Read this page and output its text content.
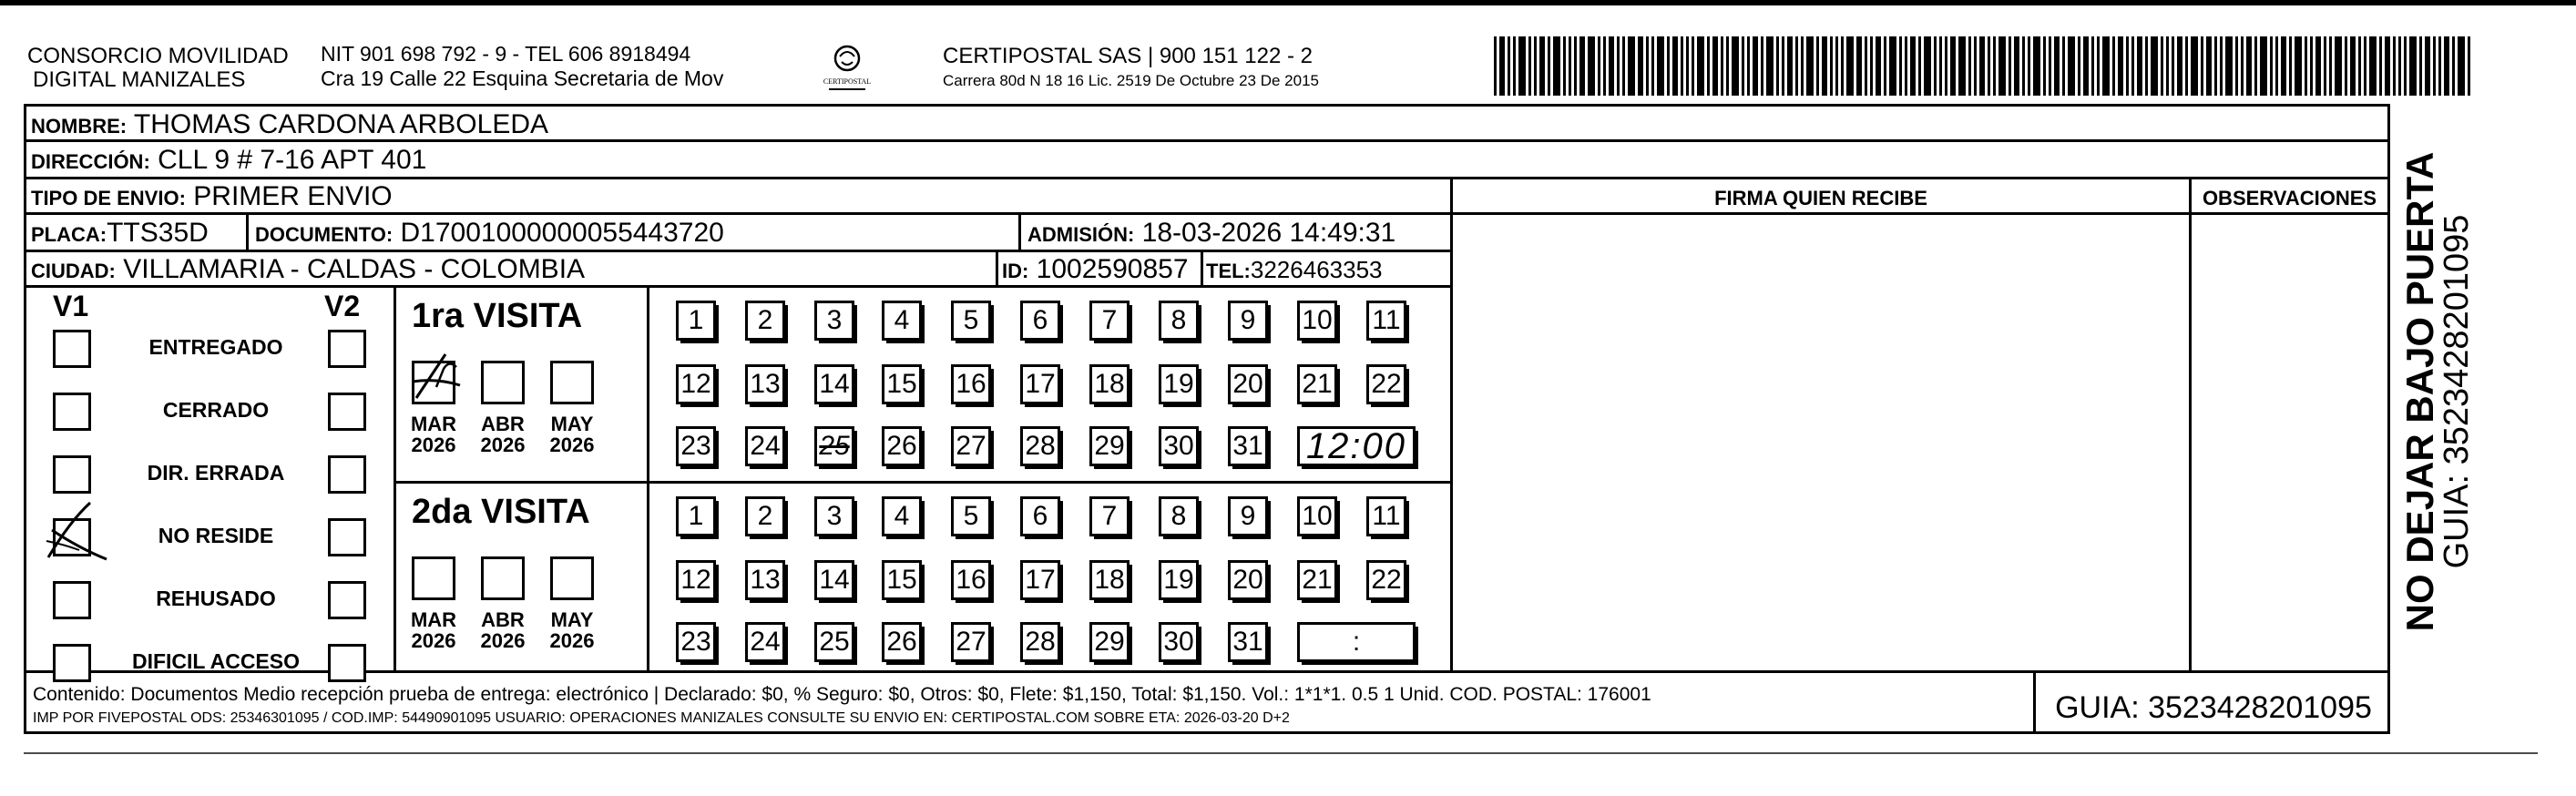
CONSORCIO MOVILIDAD
DIGITAL MANIZALES
NIT 901 698 792 - 9 - TEL 606 8918494
Cra 19 Calle 22 Esquina Secretaria de Mov	CERTIPOSTAL
CERTIPOSTAL SAS | 900 151 122 - 2
Carrera 80d N 18 16 Lic. 2519 De Octubre 23 De 2015
NOMBRE: THOMAS CARDONA ARBOLEDA
DIRECCIÓN: CLL 9 # 7-16 APT 401
TIPO DE ENVIO: PRIMER ENVIO
PLACA:TTS35D DOCUMENTO: D17001000000055443720	ADMISIÓN: 18-03-2026 14:49:31
CIUDAD: VILLAMARIA - CALDAS - COLOMBIA	ID: 1002590857 TEL:3226463353
FIRMA QUIEN RECIBE	OBSERVACIONES
V1	V2
ENTREGADO
CERRADO
DIR. ERRADA
NO RESIDE
REHUSADO
DIFICIL ACCESO
1ra VISITA
MAR
2026
ABR
2026
MAY
2026
1	2	3	4	5	6	7	8	9	10 11
12 13 14 15 16 17 18 19 20 21 22
23 24 25 26 27 28 29 30 31 12:00
2da VISITA
MAR
2026
ABR
2026
MAY
2026
1	2	3	4	5	6	7	8	9	10 11
12 13 14 15 16 17 18 19 20 21 22
23 24 25 26 27 28 29 30 31	:
Contenido: Documentos Medio recepción prueba de entrega: electrónico | Declarado: $0, % Seguro: $0, Otros: $0, Flete: $1,150, Total: $1,150. Vol.: 1*1*1. 0.5 1 Unid. COD. POSTAL: 176001
IMP POR FIVEPOSTAL ODS: 25346301095 / COD.IMP: 54490901095 USUARIO: OPERACIONES MANIZALES CONSULTE SU ENVIO EN: CERTIPOSTAL.COM SOBRE ETA: 2026-03-20 D+2	GUIA: 3523428201095
NO DEJAR BAJO PUERTA
GUIA: 3523428201095
